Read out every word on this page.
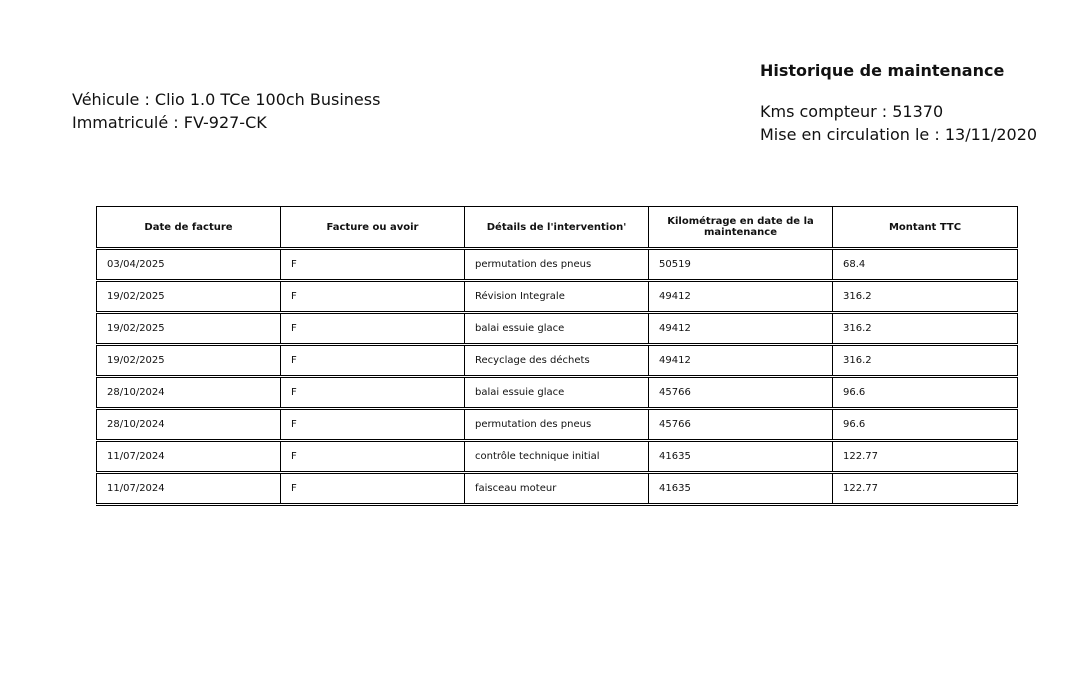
Véhicule : Clio 1.0 TCe 100ch Business
Immatriculé : FV-927-CK
Historique de maintenance
Kms compteur : 51370
Mise en circulation le : 13/11/2020
Date de facture	Facture ou avoir	Détails de l'intervention'	Kilométrage en date de la maintenance	Montant TTC
03/04/2025	F	permutation des pneus	50519	68.4
19/02/2025	F	Révision Integrale	49412	316.2
19/02/2025	F	balai essuie glace	49412	316.2
19/02/2025	F	Recyclage des déchets	49412	316.2
28/10/2024	F	balai essuie glace	45766	96.6
28/10/2024	F	permutation des pneus	45766	96.6
11/07/2024	F	contrôle technique initial	41635	122.77
11/07/2024	F	faisceau moteur	41635	122.77
